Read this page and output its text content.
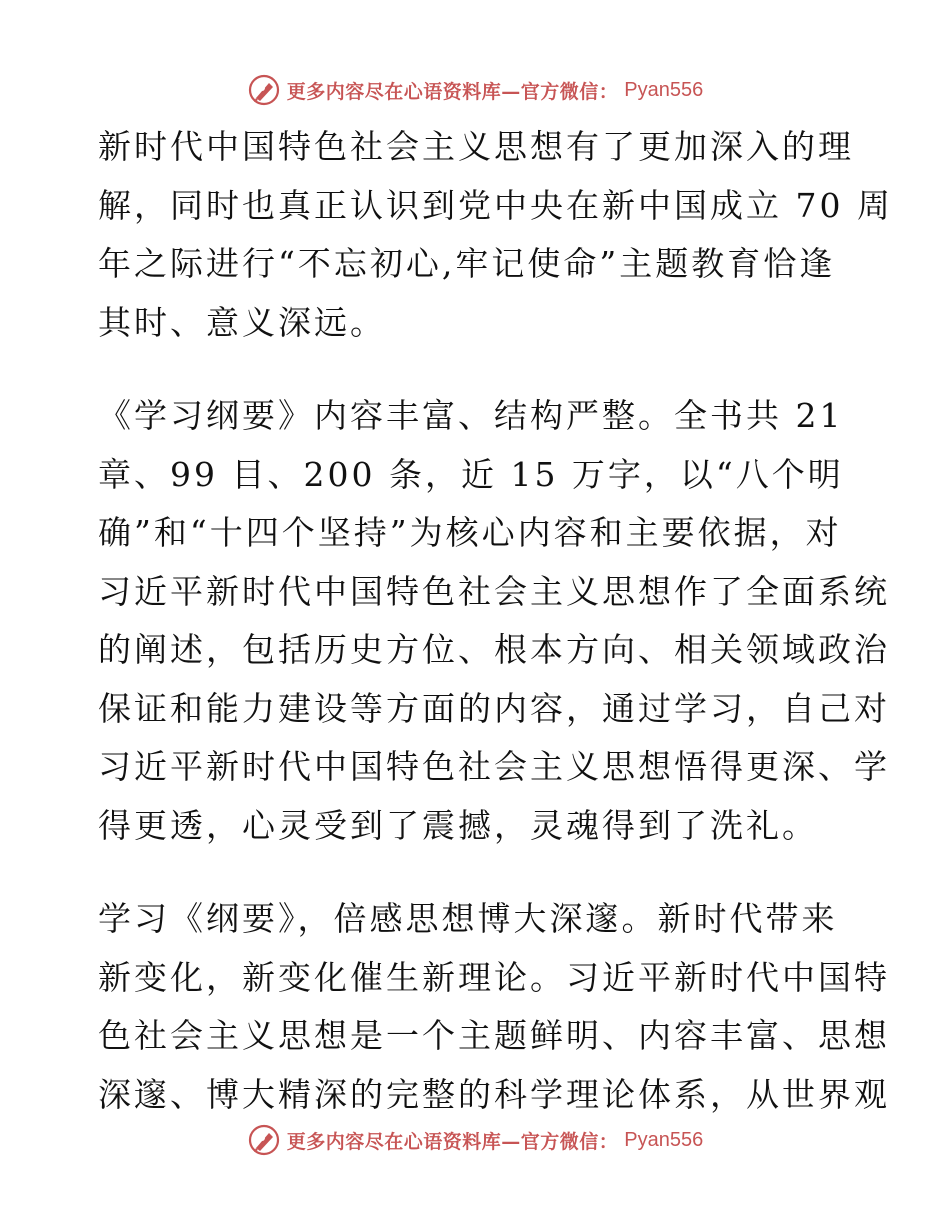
更多内容尽在心语资料库—官方微信： Pyan556
新时代中国特色社会主义思想有了更加深入的理
解，同时也真正认识到党中央在新中国成立 70 周
年之际进行“不忘初心,牢记使命”主题教育恰逢
其时、意义深远。
《学习纲要》内容丰富、结构严整。全书共 21
章、99 目、200 条，近 15 万字，以“八个明
确”和“十四个坚持”为核心内容和主要依据，对
习近平新时代中国特色社会主义思想作了全面系统
的阐述，包括历史方位、根本方向、相关领域政治
保证和能力建设等方面的内容，通过学习，自己对
习近平新时代中国特色社会主义思想悟得更深、学
得更透，心灵受到了震撼，灵魂得到了洗礼。
学习《纲要》，倍感思想博大深邃。新时代带来
新变化，新变化催生新理论。习近平新时代中国特
色社会主义思想是一个主题鲜明、内容丰富、思想
深邃、博大精深的完整的科学理论体系，从世界观
更多内容尽在心语资料库—官方微信： Pyan556
